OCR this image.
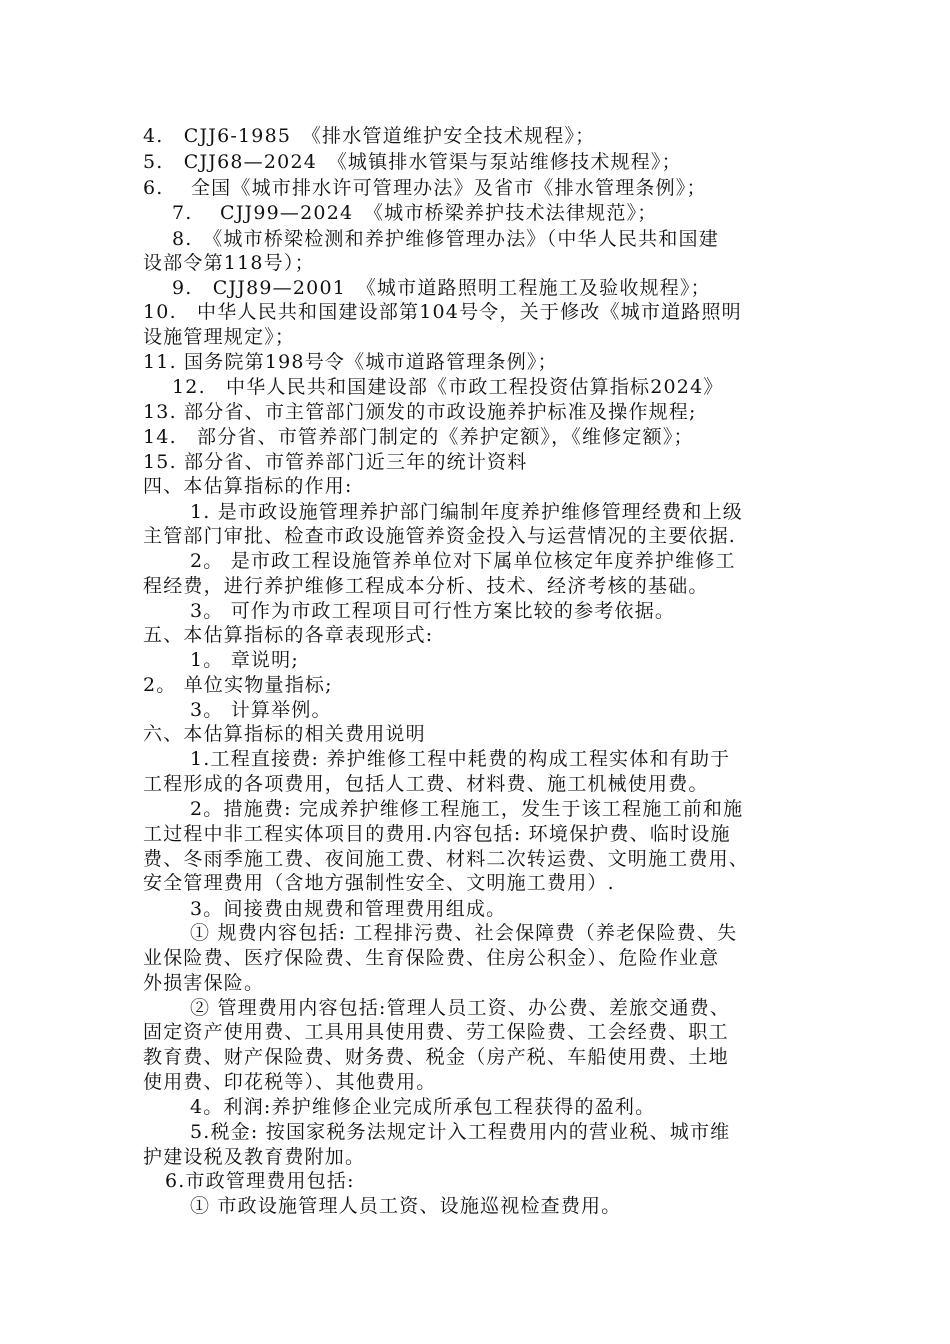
4.　CJJ6-1985　《排水管道维护安全技术规程》；
5.　CJJ68—2024　《城镇排水管渠与泵站维修技术规程》；
6.　 全国《城市排水许可管理办法》及省市《排水管理条例》；
7.　 CJJ99—2024　《城市桥梁养护技术法律规范》；
8.　《城市桥梁检测和养护维修管理办法》（中华人民共和国建
设部令第118号）；
9.　CJJ89—2001　《城市道路照明工程施工及验收规程》；
10.　中华人民共和国建设部第104号令，关于修改《城市道路照明
设施管理规定》；
11. 国务院第198号令《城市道路管理条例》；
12.　中华人民共和国建设部《市政工程投资估算指标2024》
13. 部分省、市主管部门颁发的市政设施养护标准及操作规程;
14.　部分省、市管养部门制定的《养护定额》，《维修定额》；
15. 部分省、市管养部门近三年的统计资料
四、本估算指标的作用:
1. 是市政设施管理养护部门编制年度养护维修管理经费和上级
主管部门审批、检查市政设施管养资金投入与运营情况的主要依据.
2。 是市政工程设施管养单位对下属单位核定年度养护维修工
程经费，进行养护维修工程成本分析、技术、经济考核的基础。
3。 可作为市政工程项目可行性方案比较的参考依据。
五、本估算指标的各章表现形式:
1。 章说明;
2。 单位实物量指标;
3。 计算举例。
六、本估算指标的相关费用说明
1.工程直接费: 养护维修工程中耗费的构成工程实体和有助于
工程形成的各项费用，包括人工费、材料费、施工机械使用费。
2。措施费: 完成养护维修工程施工，发生于该工程施工前和施
工过程中非工程实体项目的费用.内容包括: 环境保护费、临时设施
费、冬雨季施工费、夜间施工费、材料二次转运费、文明施工费用、
安全管理费用（含地方强制性安全、文明施工费用）.
3。间接费由规费和管理费用组成。
① 规费内容包括: 工程排污费、社会保障费（养老保险费、失
业保险费、医疗保险费、生育保险费、住房公积金）、危险作业意
外损害保险。
② 管理费用内容包括:管理人员工资、办公费、差旅交通费、
固定资产使用费、工具用具使用费、劳工保险费、工会经费、职工
教育费、财产保险费、财务费、税金（房产税、车船使用费、土地
使用费、印花税等）、其他费用。
4。利润:养护维修企业完成所承包工程获得的盈利。
5.税金: 按国家税务法规定计入工程费用内的营业税、城市维
护建设税及教育费附加。
6.市政管理费用包括:
① 市政设施管理人员工资、设施巡视检查费用。
